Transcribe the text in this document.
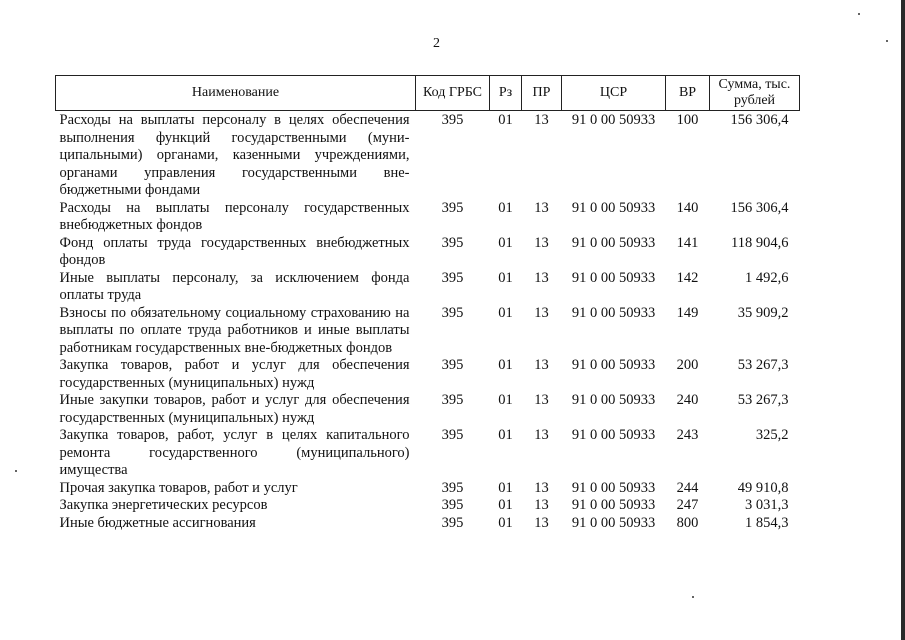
2
Наименование	Код ГРБС	Рз	ПР	ЦСР	ВР	Сумма, тыс. рублей
Расходы на выплаты персоналу в целях обеспечения выполнения функций государственными (муни-ципальными) органами, казенными учреждениями, органами управления государственными вне-бюджетными фондами	395	01	13	91 0 00 50933	100	156 306,4
Расходы на выплаты персоналу государственных внебюджетных фондов	395	01	13	91 0 00 50933	140	156 306,4
Фонд оплаты труда государственных внебюджетных фондов	395	01	13	91 0 00 50933	141	118 904,6
Иные выплаты персоналу, за исключением фонда оплаты труда	395	01	13	91 0 00 50933	142	1 492,6
Взносы по обязательному социальному страхованию на выплаты по оплате труда работников и иные выплаты работникам государственных вне-бюджетных фондов	395	01	13	91 0 00 50933	149	35 909,2
Закупка товаров, работ и услуг для обеспечения государственных (муниципальных) нужд	395	01	13	91 0 00 50933	200	53 267,3
Иные закупки товаров, работ и услуг для обеспечения государственных (муниципальных) нужд	395	01	13	91 0 00 50933	240	53 267,3
Закупка товаров, работ, услуг в целях капитального ремонта государственного (муниципального) имущества	395	01	13	91 0 00 50933	243	325,2
Прочая закупка товаров, работ и услуг	395	01	13	91 0 00 50933	244	49 910,8
Закупка энергетических ресурсов	395	01	13	91 0 00 50933	247	3 031,3
Иные бюджетные ассигнования	395	01	13	91 0 00 50933	800	1 854,3
